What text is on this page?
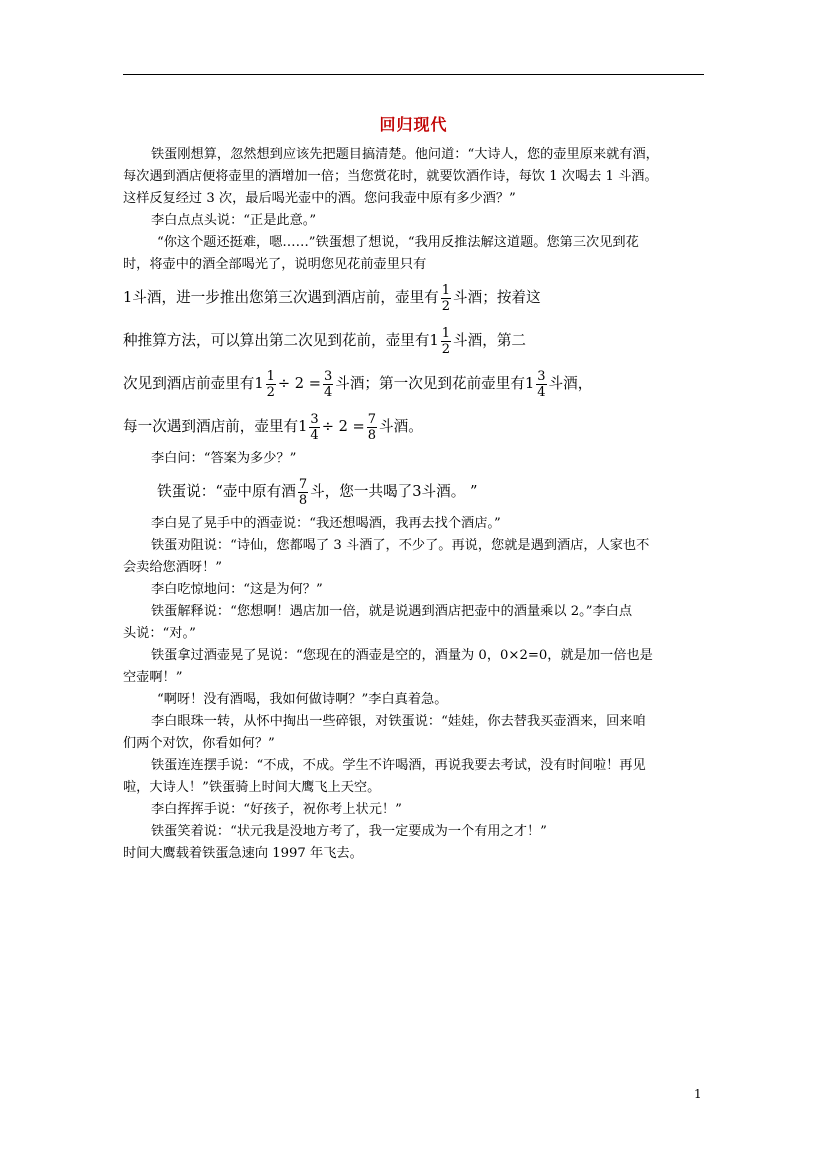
回归现代

铁蛋刚想算，忽然想到应该先把题目搞清楚。他问道：“大诗人，您的壶里原来就有酒，

每次遇到酒店便将壶里的酒增加一倍；当您赏花时，就要饮酒作诗，每饮 1 次喝去 1 斗酒。

这样反复经过 3 次，最后喝光壶中的酒。您问我壶中原有多少酒？”

李白点点头说：“正是此意。”

“你这个题还挺难，嗯……”铁蛋想了想说，“我用反推法解这道题。您第三次见到花

时，将壶中的酒全部喝光了，说明您见花前壶里只有

1斗酒，进一步推出您第三次遇到酒店前，壶里有 $\frac{1}{2}$ 斗酒；按着这

种推算方法，可以算出第二次见到花前，壶里有$1 \frac{1}{2}$ 斗酒，第二

次见到酒店前壶里有$1 \frac{1}{2} \div 2 = \frac{3}{4}$ 斗酒；第一次见到花前壶里有$1 \frac{3}{4}$ 斗酒，

每一次遇到酒店前，壶里有$1 \frac{3}{4} \div 2 = \frac{7}{8}$ 斗酒。

李白问：“答案为多少？”

铁蛋说：“壶中原有酒 $\frac{7}{8}$ 斗，您一共喝了3斗酒。 ”

李白晃了晃手中的酒壶说：“我还想喝酒，我再去找个酒店。”

铁蛋劝阻说：“诗仙，您都喝了 3 斗酒了，不少了。再说，您就是遇到酒店，人家也不

会卖给您酒呀！”

李白吃惊地问：“这是为何？”

铁蛋解释说：“您想啊！遇店加一倍，就是说遇到酒店把壶中的酒量乘以 2。”李白点

头说：“对。”

铁蛋拿过酒壶晃了晃说：“您现在的酒壶是空的，酒量为 0，0×2=0，就是加一倍也是

空壶啊！”

“啊呀！没有酒喝，我如何做诗啊？”李白真着急。

李白眼珠一转，从怀中掏出一些碎银，对铁蛋说：“娃娃，你去替我买壶酒来，回来咱

们两个对饮，你看如何？”

铁蛋连连摆手说：“不成，不成。学生不许喝酒，再说我要去考试，没有时间啦！再见

啦，大诗人！”铁蛋骑上时间大鹰飞上天空。

李白挥挥手说：“好孩子，祝你考上状元！”

铁蛋笑着说：“状元我是没地方考了，我一定要成为一个有用之才！”

时间大鹰载着铁蛋急速向 1997 年飞去。

1
